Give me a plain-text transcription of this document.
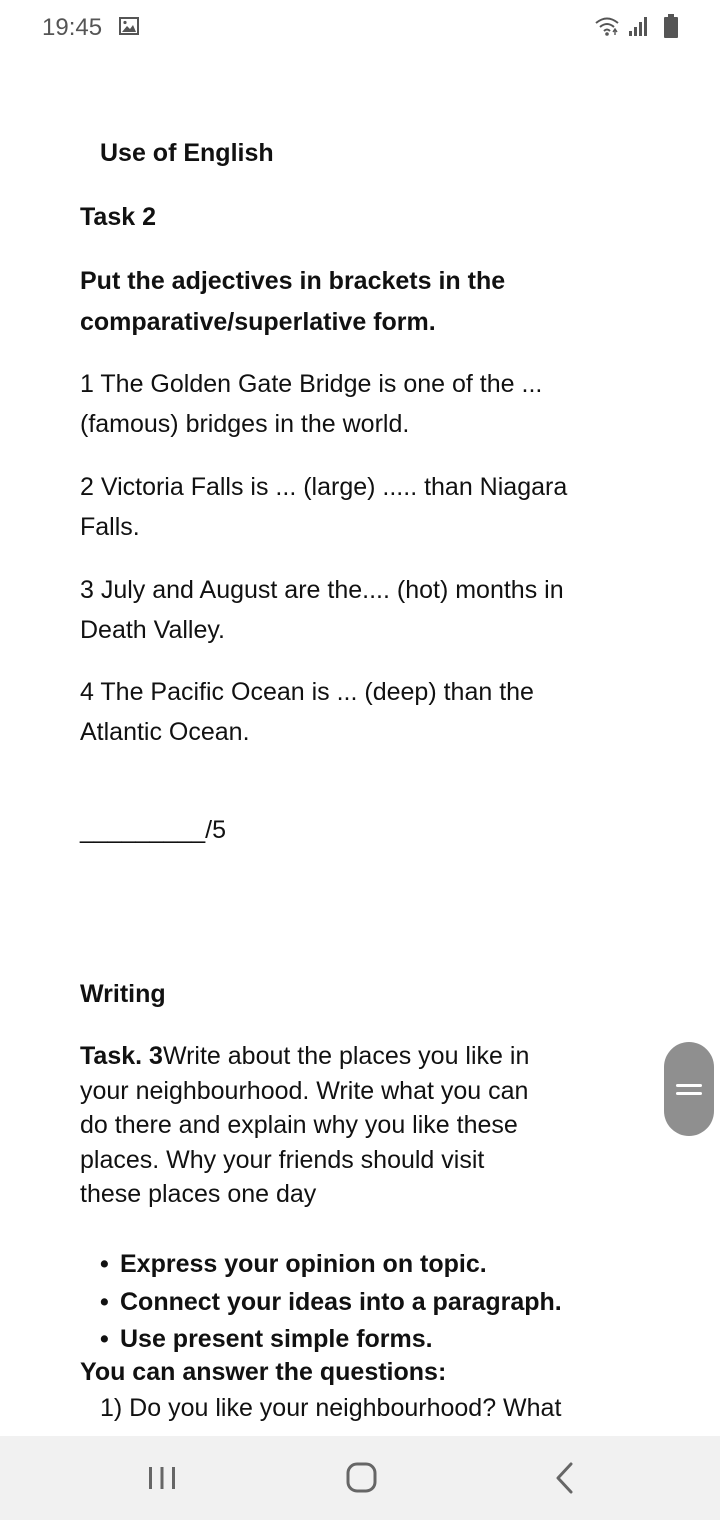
19:45
Use of English
Task 2
Put the adjectives in brackets in the
comparative/superlative form.
1 The Golden Gate Bridge is one of the ...
(famous) bridges in the world.
2 Victoria Falls is ... (large) ..... than Niagara
Falls.
3 July and August are the.... (hot) months in
Death Valley.
4 The Pacific Ocean is ... (deep) than the
Atlantic Ocean.
_________/5
Writing
Task. 3Write about the places you like in
your neighbourhood. Write what you can
do there and explain why you like these
places. Why your friends should visit
these places one day
• Express your opinion on topic.
• Connect your ideas into a paragraph.
• Use present simple forms.
You can answer the questions:
1) Do you like your neighbourhood? What
